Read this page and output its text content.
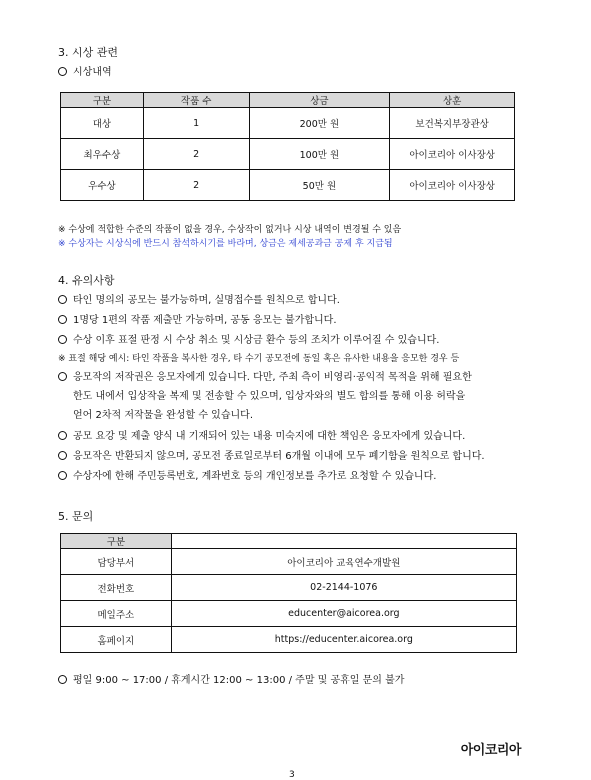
3. 시상 관련
시상내역
구분	작품 수	상금	상훈
대상	1	200만 원	보건복지부장관상
최우수상	2	100만 원	아이코리아 이사장상
우수상	2	50만 원	아이코리아 이사장상
※ 수상에 적합한 수준의 작품이 없을 경우, 수상작이 없거나 시상 내역이 변경될 수 있음
※ 수상자는 시상식에 반드시 참석하시기를 바라며, 상금은 제세공과금 공제 후 지급됨
4. 유의사항
타인 명의의 공모는 불가능하며, 실명접수를 원칙으로 합니다.
1명당 1편의 작품 제출만 가능하며, 공동 응모는 불가합니다.
수상 이후 표절 판정 시 수상 취소 및 시상금 환수 등의 조치가 이루어질 수 있습니다.
※ 표절 해당 예시: 타인 작품을 복사한 경우, 타 수기 공모전에 동일 혹은 유사한 내용을 응모한 경우 등
응모작의 저작권은 응모자에게 있습니다. 다만, 주최 측이 비영리·공익적 목적을 위해 필요한
한도 내에서 입상작을 복제 및 전송할 수 있으며, 입상자와의 별도 합의를 통해 이용 허락을
얻어 2차적 저작물을 완성할 수 있습니다.
공모 요강 및 제출 양식 내 기재되어 있는 내용 미숙지에 대한 책임은 응모자에게 있습니다.
응모작은 반환되지 않으며, 공모전 종료일로부터 6개월 이내에 모두 폐기함을 원칙으로 합니다.
수상자에 한해 주민등록번호, 계좌번호 등의 개인정보를 추가로 요청할 수 있습니다.
5. 문의
구분	
담당부서	아이코리아 교육연수개발원
전화번호	02-2144-1076
메일주소	educenter@aicorea.org
홈페이지	https://educenter.aicorea.org
평일 9:00 ~ 17:00 / 휴게시간 12:00 ~ 13:00 / 주말 및 공휴일 문의 불가
아이코리아
3
